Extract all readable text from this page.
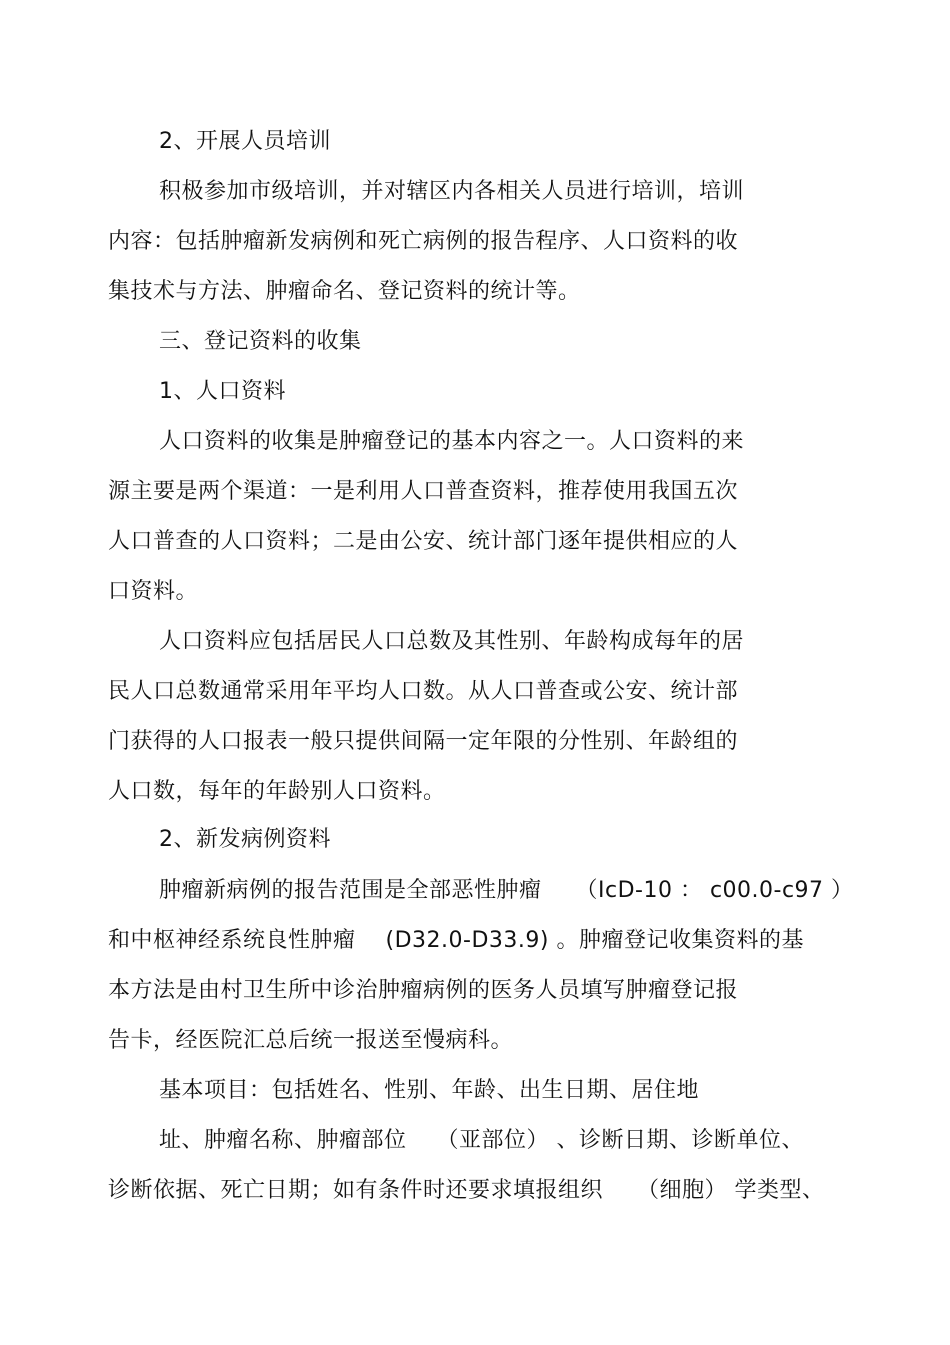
2、开展人员培训
积极参加市级培训，并对辖区内各相关人员进行培训，培训
内容：包括肿瘤新发病例和死亡病例的报告程序、人口资料的收
集技术与方法、肿瘤命名、登记资料的统计等。
三、登记资料的收集
1、人口资料
人口资料的收集是肿瘤登记的基本内容之一。人口资料的来
源主要是两个渠道：一是利用人口普查资料，推荐使用我国五次
人口普查的人口资料；二是由公安、统计部门逐年提供相应的人
口资料。
人口资料应包括居民人口总数及其性别、年龄构成每年的居
民人口总数通常采用年平均人口数。从人口普查或公安、统计部
门获得的人口报表一般只提供间隔一定年限的分性别、年龄组的
人口数，每年的年龄别人口资料。
2、新发病例资料
肿瘤新病例的报告范围是全部恶性肿瘤　　（IcD-10 ： c00.0-c97 ）
和中枢神经系统良性肿瘤　 (D32.0-D33.9) 。肿瘤登记收集资料的基
本方法是由村卫生所中诊治肿瘤病例的医务人员填写肿瘤登记报
告卡，经医院汇总后统一报送至慢病科。
基本项目：包括姓名、性别、年龄、出生日期、居住地
址、肿瘤名称、肿瘤部位　 （亚部位） 、诊断日期、诊断单位、
诊断依据、死亡日期；如有条件时还要求填报组织　　（细胞） 学类型、
